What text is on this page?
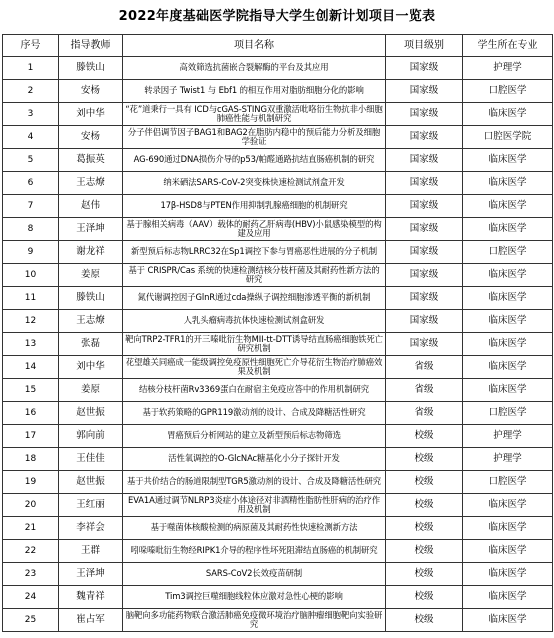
2022年度基础医学院指导大学生创新计划项目一览表
序号	指导教师	项目名称	项目级别	学生所在专业
1	滕铁山	高效筛选抗菌嵌合裂解酶的平台及其应用	国家级	护理学
2	安杨	转录因子 Twist1 与 Ebf1 的相互作用对脂肪细胞分化的影响	国家级	口腔医学
3	刘中华	“花”道秉行一具有 ICD与cGAS-STING双重激活吡咯衍生物抗非小细胞肺癌性能与机制研究	国家级	临床医学
4	安杨	分子伴侣调节因子BAG1和BAG2在脂肪内稳中的预后能力分析及细胞学验证	国家级	口腔医学院
5	葛振英	AG-690通过DNA损伤介导的p53/帕醛通路抗结直肠癌机制的研究	国家级	临床医学
6	王志燎	纳米硒法SARS-CoV-2突变株快速检测试剂盒开发	国家级	临床医学
7	赵伟	17β-HSD8与PTEN作用抑制乳腺癌细胞的机制研究	国家级	临床医学
8	王泽坤	基于腺相关病毒（AAV）载体的耐药乙肝病毒(HBV)小鼠感染模型的构建及应用	国家级	临床医学
9	谢龙祥	新型预后标志物LRRC32在Sp1调控下参与胃癌恶性进展的分子机制	国家级	口腔医学
10	姜原	基于 CRISPR/Cas 系统的快速检测结核分枝杆菌及其耐药性新方法的研究	国家级	临床医学
11	滕铁山	氮代谢调控因子GlnR通过cda操纵子调控细胞渗透平衡的新机制	国家级	临床医学
12	王志燎	人乳头瘤病毒抗体快速检测试剂盒研发	国家级	临床医学
13	张磊	靶向TRP2-TFR1的开三嗪吡衍生物MII-tt-DTT诱导结直肠癌细胞铁死亡研究机制	国家级	临床医学
14	刘中华	花望雄关同癌成一能级调控免疫原性细胞死亡介导花衍生物治疗肺癌效果及机制	省级	临床医学
15	姜原	结核分枝杆菌Rv3369蛋白在耐宿主免疫应答中的作用机制研究	省级	临床医学
16	赵世振	基于软药策略的GPR119激动剂的设计、合成及降糖活性研究	省级	口腔医学
17	郭向前	胃癌预后分析网站的建立及新型预后标志物筛选	校级	护理学
18	王佳佳	活性氧调控的O-GlcNAc糖基化小分子探针开发	校级	护理学
19	赵世振	基于共价结合的肠道限制型TGR5激动剂的设计、合成及降糖活性研究	校级	口腔医学
20	王红丽	EVA1A通过调节NLRP3炎症小体途径对非酒精性脂肪性肝病的治疗作用及机制	校级	临床医学
21	李祥会	基于噬菌体核酸检测的病原菌及其耐药性快速检测新方法	校级	临床医学
22	王群	吲哚嗪吡衍生物经RIPK1介导的程序性坏死阻滞结直肠癌的机制研究	校级	临床医学
23	王泽坤	SARS-CoV2长效疫苗研制	校级	临床医学
24	魏青祥	Tim3调控巨噬细胞线粒体应激对急性心梗的影响	校级	临床医学
25	崔占军	脑靶向多功能药物联合激活肺癌免疫微环境治疗脑肿瘤细胞靶向实验研究	校级	临床医学
